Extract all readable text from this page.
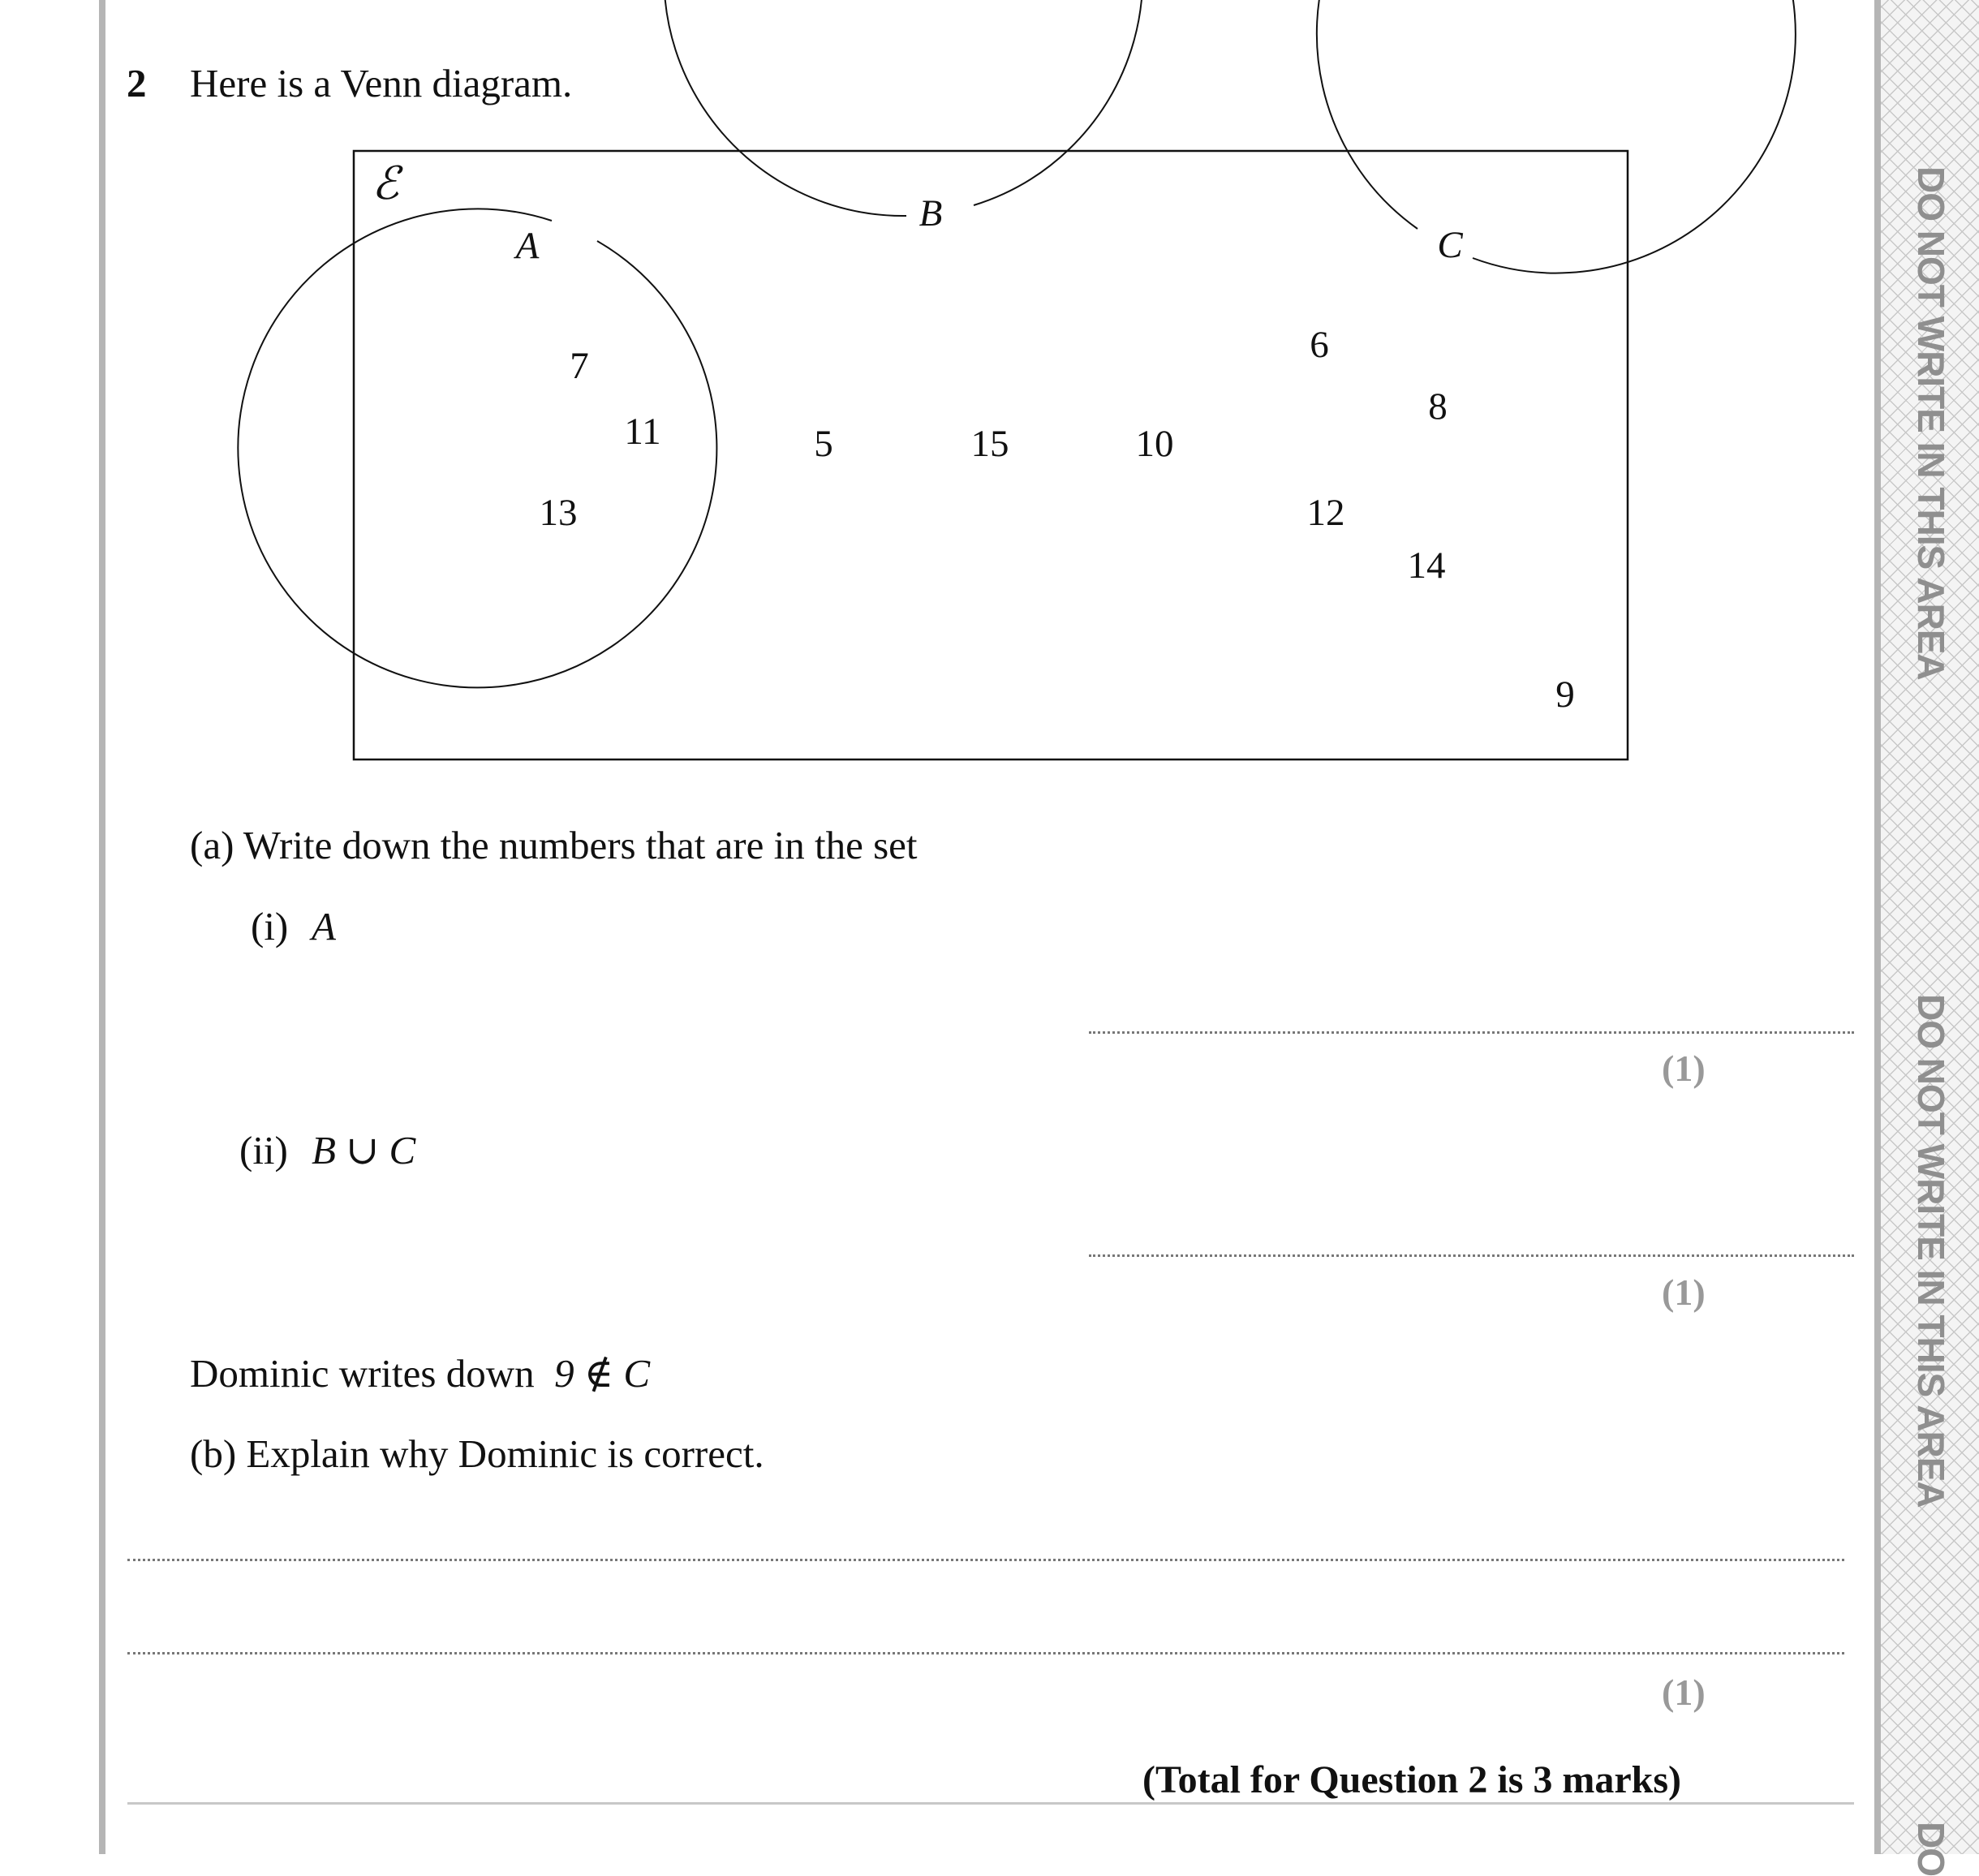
DO NOT WRITE IN THIS AREA
DO NOT WRITE IN THIS AREA
DO
2 Here is a Venn diagram.
ℰ
A
B
C
7
11
13
5	15	10
6
8
12
14
9
(a) Write down the numbers that are in the set
(i) A
(1)
(ii) B ∪ C
(1)
Dominic writes down 9 ∉ C
(b) Explain why Dominic is correct.
(1)
(Total for Question 2 is 3 marks)
